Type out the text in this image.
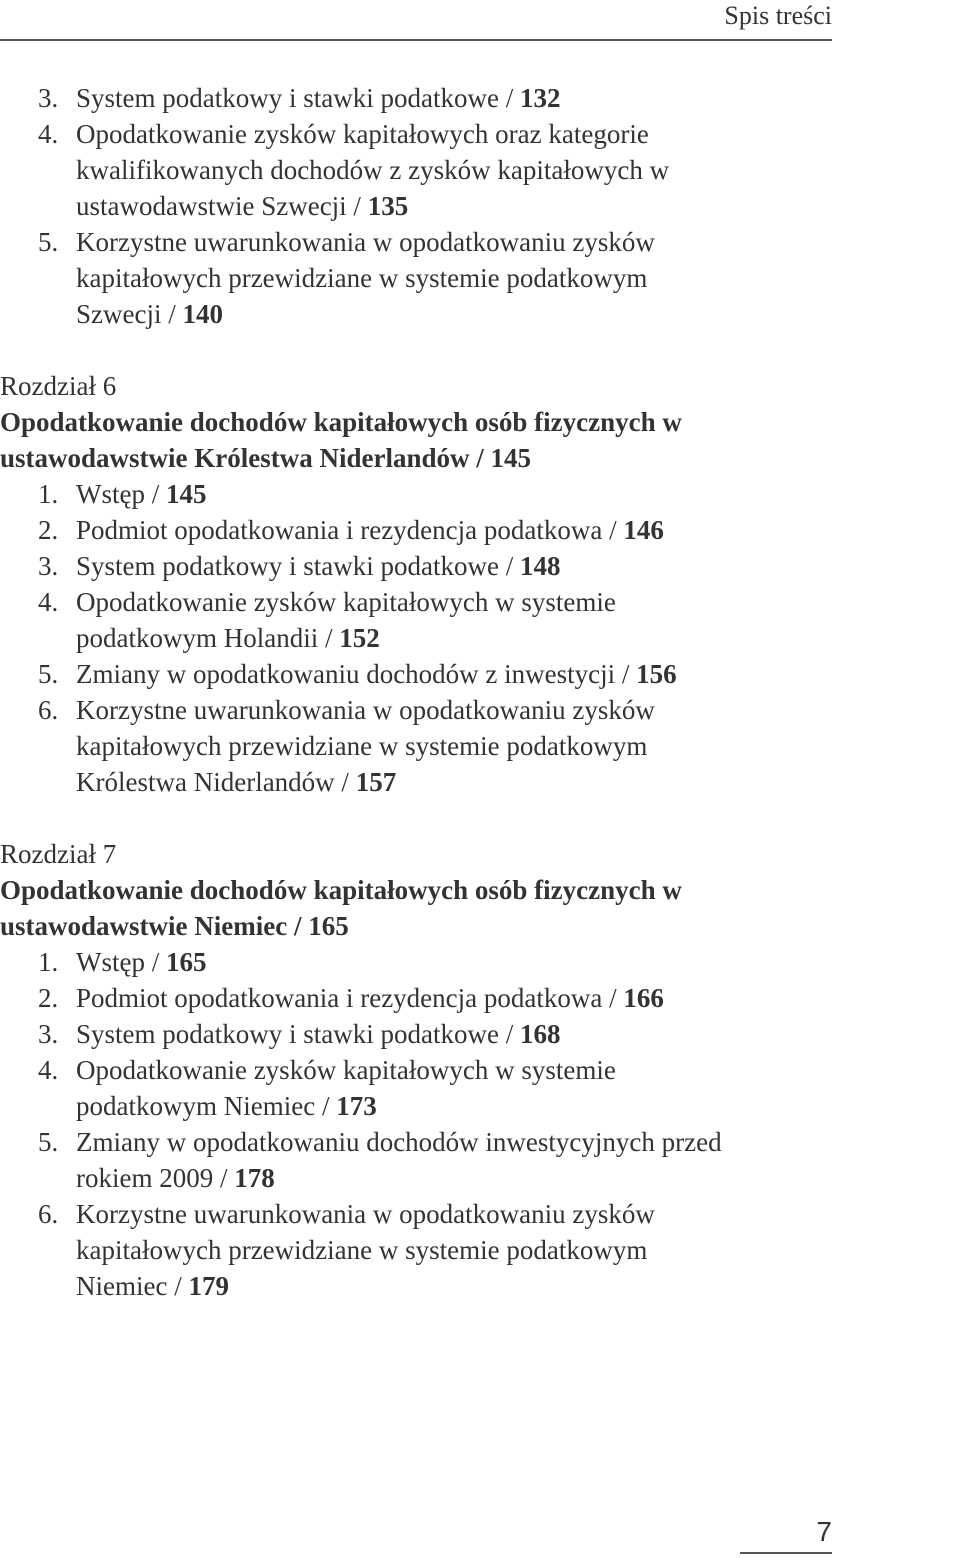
Spis treści
3. System podatkowy i stawki podatkowe / 132
4. Opodatkowanie zysków kapitałowych oraz kategorie kwalifikowanych dochodów z zysków kapitałowych w ustawodawstwie Szwecji / 135
5. Korzystne uwarunkowania w opodatkowaniu zysków kapitałowych przewidziane w systemie podatkowym Szwecji / 140
Rozdział 6
Opodatkowanie dochodów kapitałowych osób fizycznych w ustawodawstwie Królestwa Niderlandów / 145
1. Wstęp / 145
2. Podmiot opodatkowania i rezydencja podatkowa / 146
3. System podatkowy i stawki podatkowe / 148
4. Opodatkowanie zysków kapitałowych w systemie podatkowym Holandii / 152
5. Zmiany w opodatkowaniu dochodów z inwestycji / 156
6. Korzystne uwarunkowania w opodatkowaniu zysków kapitałowych przewidziane w systemie podatkowym Królestwa Niderlandów / 157
Rozdział 7
Opodatkowanie dochodów kapitałowych osób fizycznych w ustawodawstwie Niemiec / 165
1. Wstęp / 165
2. Podmiot opodatkowania i rezydencja podatkowa / 166
3. System podatkowy i stawki podatkowe / 168
4. Opodatkowanie zysków kapitałowych w systemie podatkowym Niemiec / 173
5. Zmiany w opodatkowaniu dochodów inwestycyjnych przed rokiem 2009 / 178
6. Korzystne uwarunkowania w opodatkowaniu zysków kapitałowych przewidziane w systemie podatkowym Niemiec / 179
7
